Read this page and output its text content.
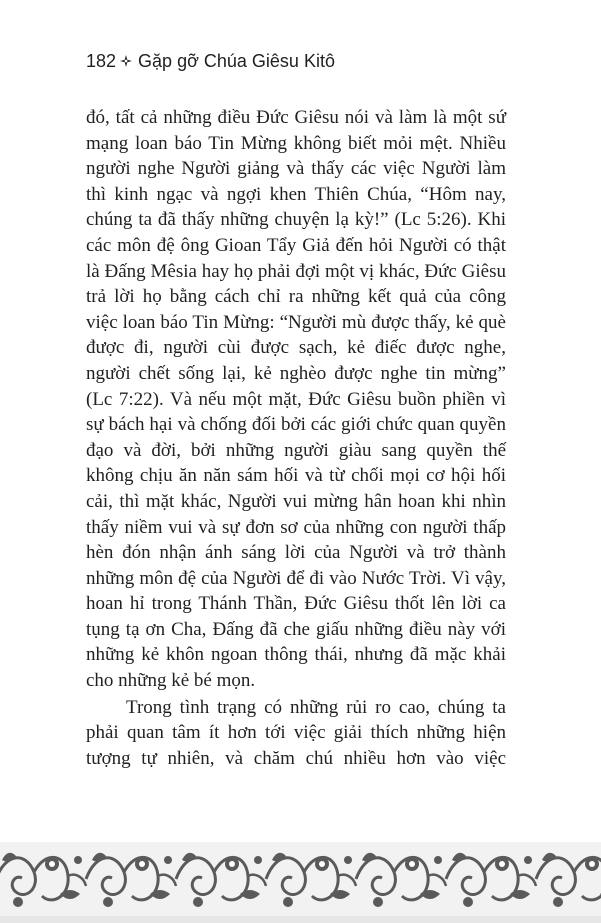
182 Gặp gỡ Chúa Giêsu Kitô

đó, tất cả những điều Đức Giêsu nói và làm là một sứ mạng loan báo Tin Mừng không biết mỏi mệt. Nhiều người nghe Người giảng và thấy các việc Người làm thì kinh ngạc và ngợi khen Thiên Chúa, “Hôm nay, chúng ta đã thấy những chuyện lạ kỳ!” (Lc 5:26). Khi các môn đệ ông Gioan Tẩy Giả đến hỏi Người có thật là Đấng Mêsia hay họ phải đợi một vị khác, Đức Giêsu trả lời họ bằng cách chỉ ra những kết quả của công việc loan báo Tin Mừng: “Người mù được thấy, kẻ què được đi, người cùi được sạch, kẻ điếc được nghe, người chết sống lại, kẻ nghèo được nghe tin mừng” (Lc 7:22). Và nếu một mặt, Đức Giêsu buồn phiền vì sự bách hại và chống đối bởi các giới chức quan quyền đạo và đời, bởi những người giàu sang quyền thế không chịu ăn năn sám hối và từ chối mọi cơ hội hối cải, thì mặt khác, Người vui mừng hân hoan khi nhìn thấy niềm vui và sự đơn sơ của những con người thấp hèn đón nhận ánh sáng lời của Người và trở thành những môn đệ của Người để đi vào Nước Trời. Vì vậy, hoan hỉ trong Thánh Thần, Đức Giêsu thốt lên lời ca tụng tạ ơn Cha, Đấng đã che giấu những điều này với những kẻ khôn ngoan thông thái, nhưng đã mặc khải cho những kẻ bé mọn.

Trong tình trạng có những rủi ro cao, chúng ta phải quan tâm ít hơn tới việc giải thích những hiện tượng tự nhiên, và chăm chú nhiều hơn vào việc
